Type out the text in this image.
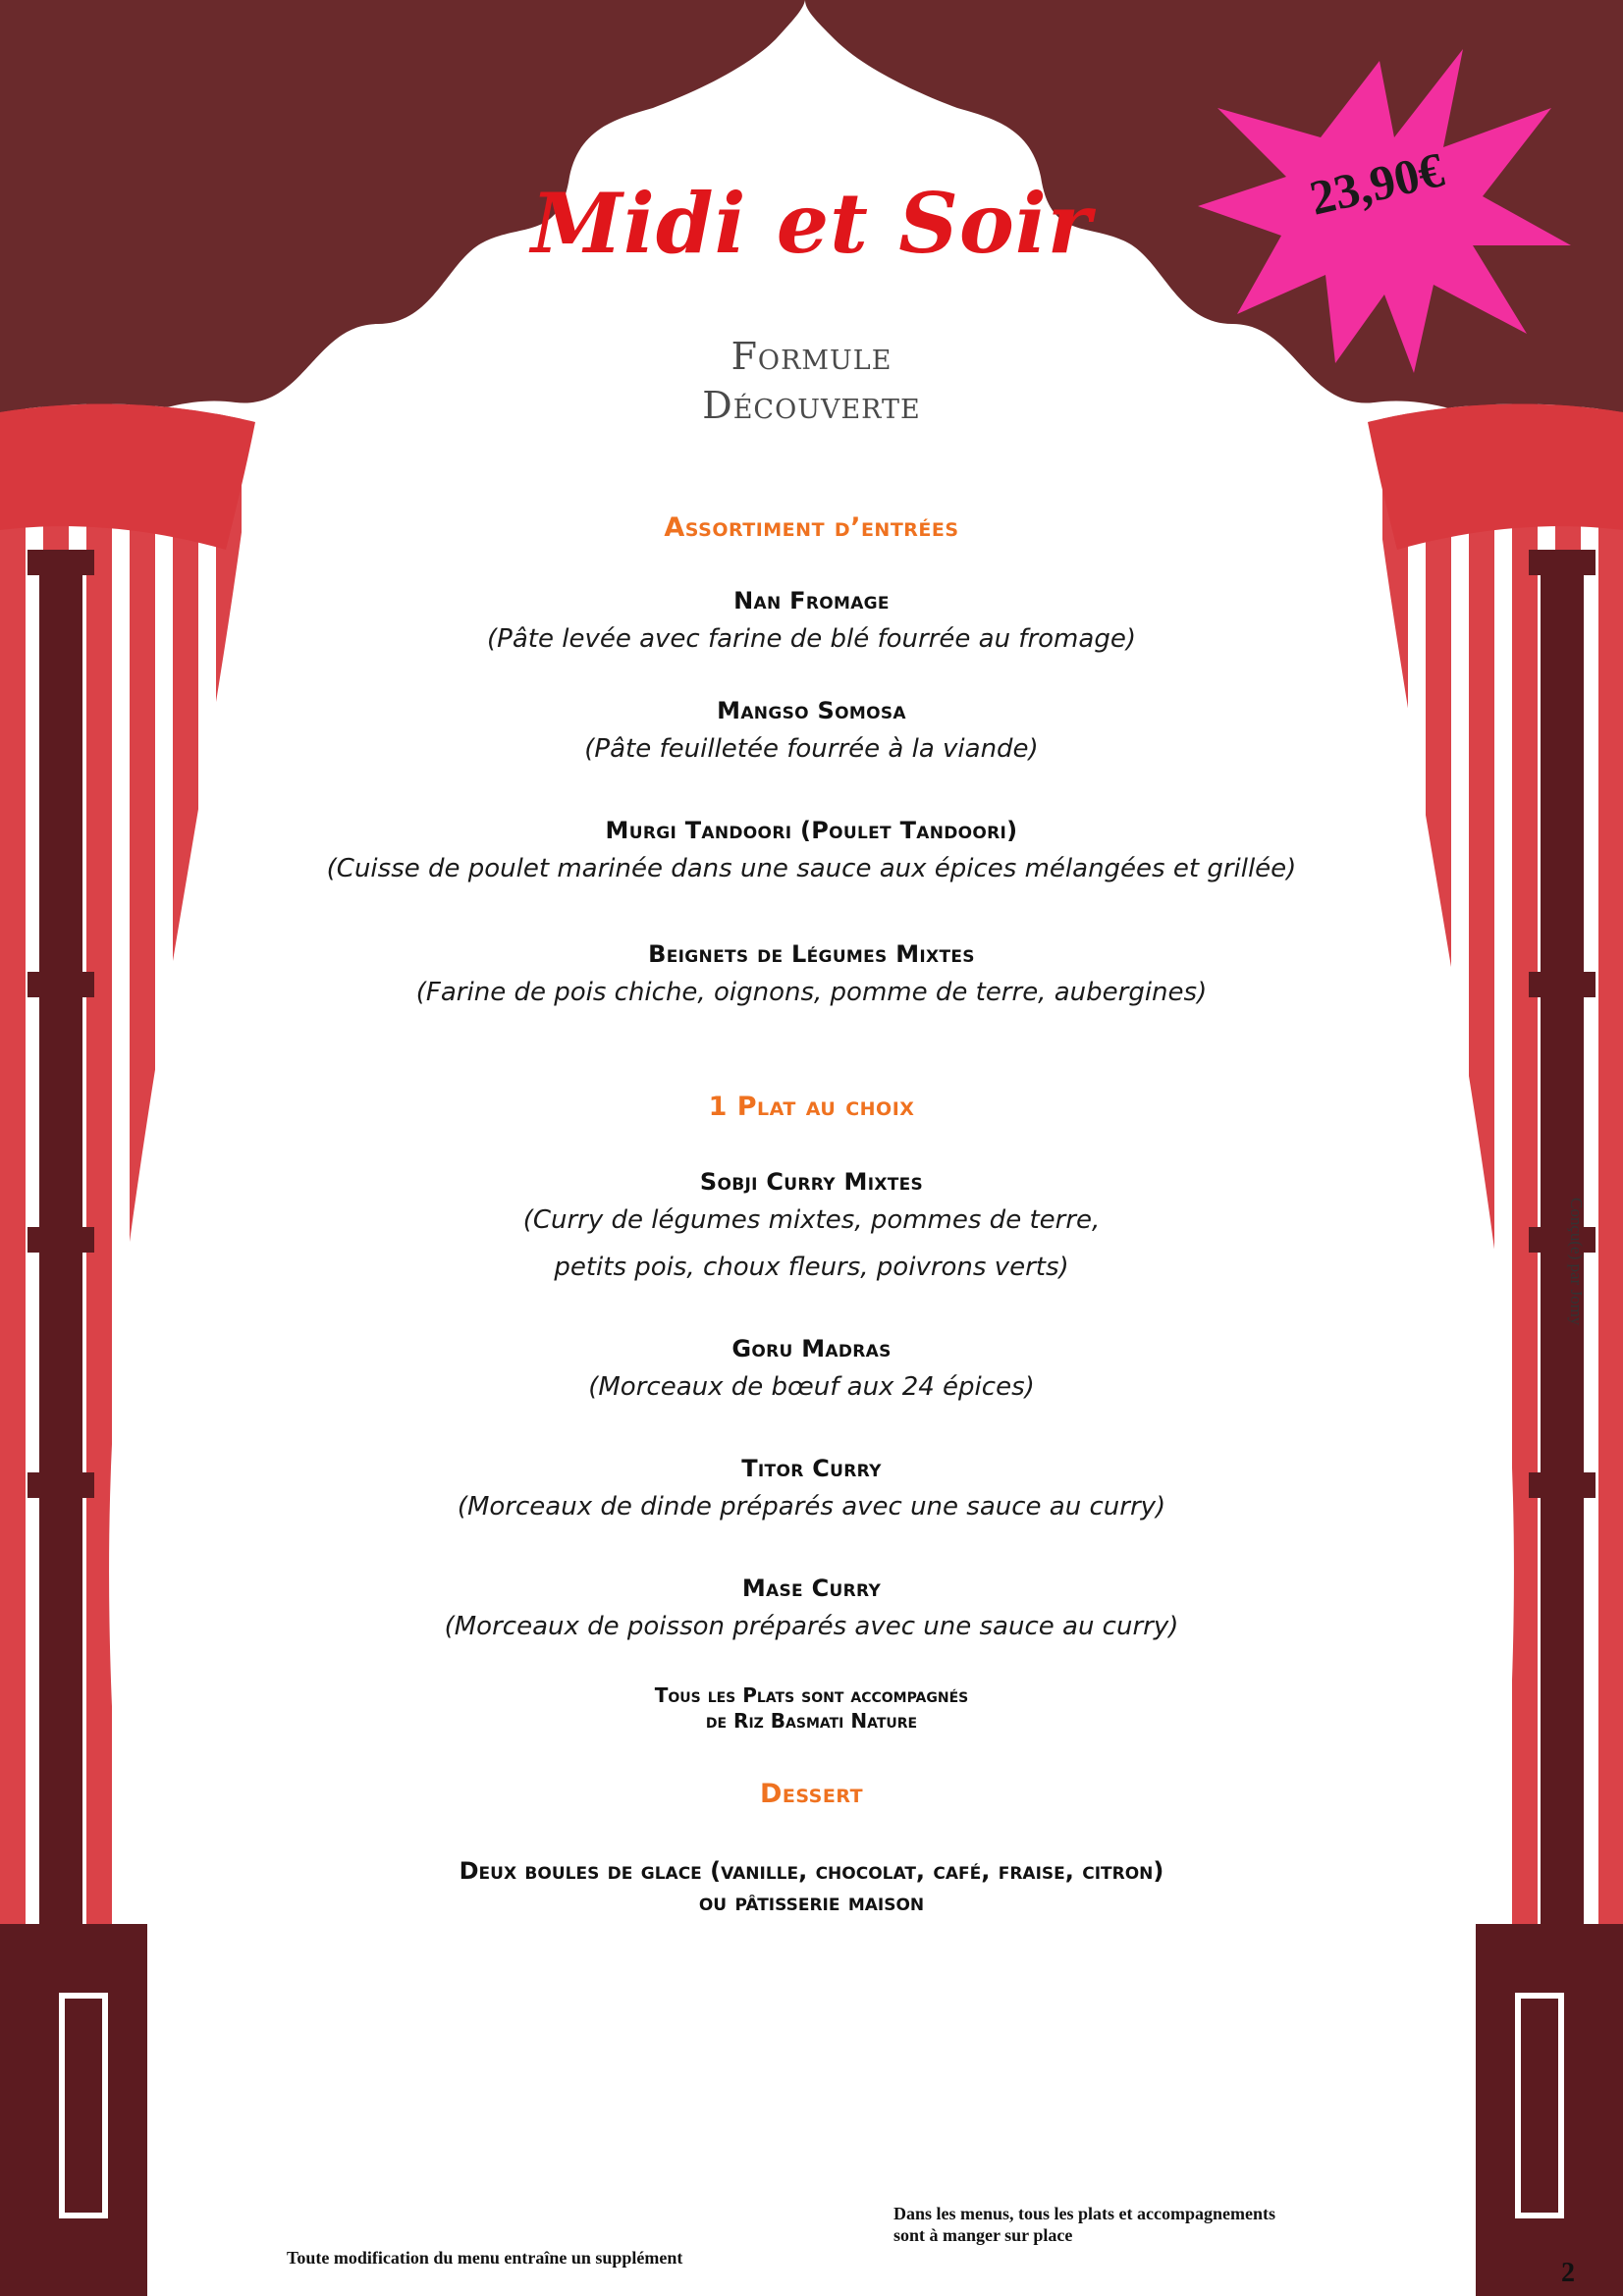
23,90€
Midi et Soir
Formule
Découverte
Assortiment d’entrées
Nan Fromage
(Pâte levée avec farine de blé fourrée au fromage)
Mangso Somosa
(Pâte feuilletée fourrée à la viande)
Murgi Tandoori (Poulet Tandoori)
(Cuisse de poulet marinée dans une sauce aux épices mélangées et grillée)
Beignets de Légumes Mixtes
(Farine de pois chiche, oignons, pomme de terre, aubergines)
1 Plat au choix
Sobji Curry Mixtes
(Curry de légumes mixtes, pommes de terre,
petits pois, choux fleurs, poivrons verts)
Goru Madras
(Morceaux de bœuf aux 24 épices)
Titor Curry
(Morceaux de dinde préparés avec une sauce au curry)
Mase Curry
(Morceaux de poisson préparés avec une sauce au curry)
Tous les Plats sont accompagnés
de Riz Basmati Nature
Dessert
Deux boules de glace (vanille, chocolat, café, fraise, citron)
ou pâtisserie maison
Toute modification du menu entraîne un supplément
Dans les menus, tous les plats et accompagnements
sont à manger sur place
Conçu(e) par Jomy
2
